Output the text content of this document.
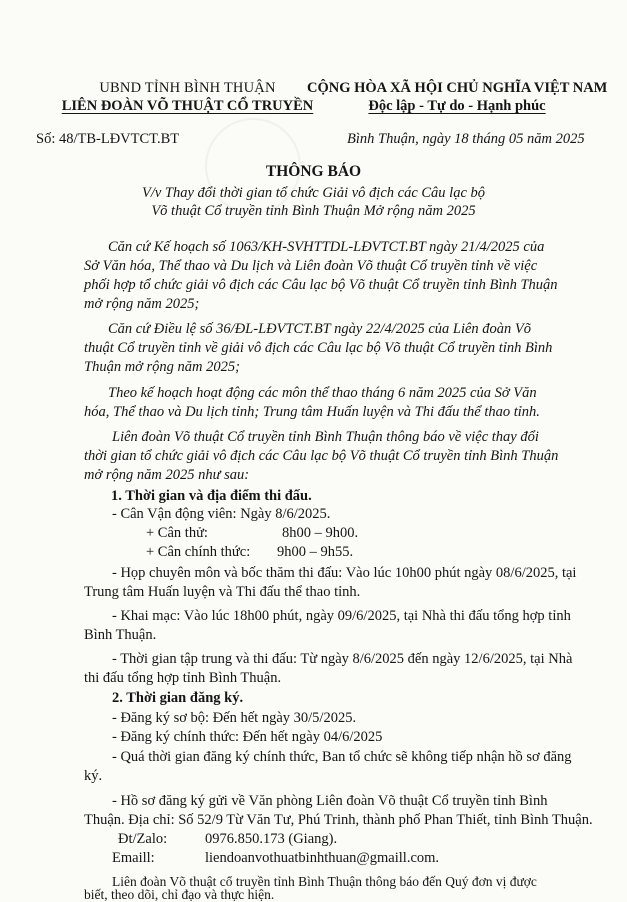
UBND TỈNH BÌNH THUẬN
LIÊN ĐOÀN VÕ THUẬT CỔ TRUYỀN
CỘNG HÒA XÃ HỘI CHỦ NGHĨA VIỆT NAM
Độc lập - Tự do - Hạnh phúc
Số: 48/TB-LĐVTCT.BT	Bình Thuận, ngày 18 tháng 05 năm 2025
THÔNG BÁO
V/v Thay đổi thời gian tổ chức Giải vô địch các Câu lạc bộ
Võ thuật Cổ truyền tỉnh Bình Thuận Mở rộng năm 2025
Căn cứ Kế hoạch số 1063/KH-SVHTTDL-LĐVTCT.BT ngày 21/4/2025 của
Sở Văn hóa, Thể thao và Du lịch và Liên đoàn Võ thuật Cổ truyền tỉnh về việc
phối hợp tổ chức giải vô địch các Câu lạc bộ Võ thuật Cổ truyền tỉnh Bình Thuận
mở rộng năm 2025;
Căn cứ Điều lệ số 36/ĐL-LĐVTCT.BT ngày 22/4/2025 của Liên đoàn Võ
thuật Cổ truyền tỉnh về giải vô địch các Câu lạc bộ Võ thuật Cổ truyền tỉnh Bình
Thuận mở rộng năm 2025;
Theo kế hoạch hoạt động các môn thể thao tháng 6 năm 2025 của Sở Văn
hóa, Thể thao và Du lịch tỉnh; Trung tâm Huấn luyện và Thi đấu thể thao tỉnh.
Liên đoàn Võ thuật Cổ truyền tỉnh Bình Thuận thông báo về việc thay đổi
thời gian tổ chức giải vô địch các Câu lạc bộ Võ thuật Cổ truyền tỉnh Bình Thuận
mở rộng năm 2025 như sau:
1. Thời gian và địa điểm thi đấu.
- Cân Vận động viên: Ngày 8/6/2025.
+ Cân thử:	8h00 – 9h00.
+ Cân chính thức: 9h00 – 9h55.
- Họp chuyên môn và bốc thăm thi đấu: Vào lúc 10h00 phút ngày 08/6/2025, tại
Trung tâm Huấn luyện và Thi đấu thể thao tỉnh.
- Khai mạc: Vào lúc 18h00 phút, ngày 09/6/2025, tại Nhà thi đấu tổng hợp tỉnh
Bình Thuận.
- Thời gian tập trung và thi đấu: Từ ngày 8/6/2025 đến ngày 12/6/2025, tại Nhà
thi đấu tổng hợp tỉnh Bình Thuận.
2. Thời gian đăng ký.
- Đăng ký sơ bộ: Đến hết ngày 30/5/2025.
- Đăng ký chính thức: Đến hết ngày 04/6/2025
- Quá thời gian đăng ký chính thức, Ban tổ chức sẽ không tiếp nhận hồ sơ đăng
ký.
- Hồ sơ đăng ký gửi về Văn phòng Liên đoàn Võ thuật Cổ truyền tỉnh Bình
Thuận. Địa chỉ: Số 52/9 Từ Văn Tư, Phú Trinh, thành phố Phan Thiết, tỉnh Bình Thuận.
Đt/Zalo:	0976.850.173 (Giang).
Emaill:	liendoanvothuatbinhthuan@gmaill.com.
Liên đoàn Võ thuật cổ truyền tỉnh Bình Thuận thông báo đến Quý đơn vị được
biết, theo dõi, chỉ đạo và thực hiện.
